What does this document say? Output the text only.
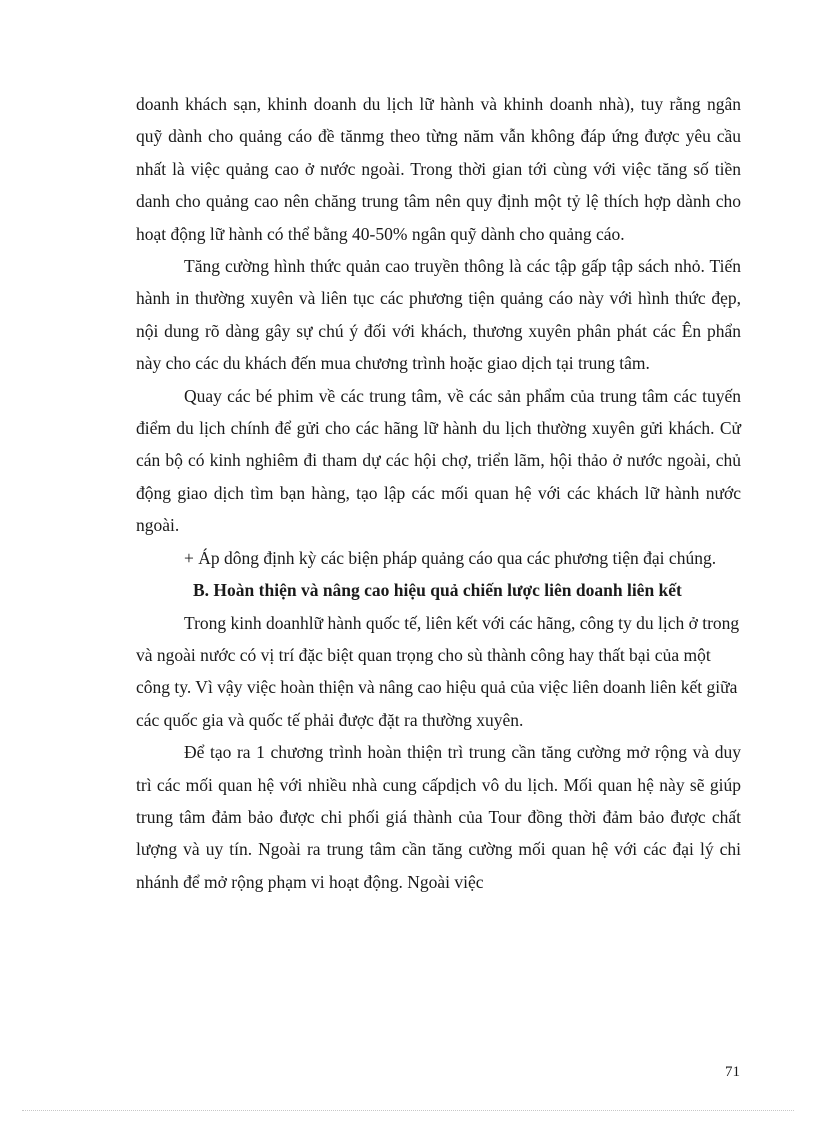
doanh khách sạn, khinh doanh du lịch lữ hành và khinh doanh nhà), tuy rằng ngân quỹ dành cho quảng cáo đề tănmg theo từng năm vẫn không đáp ứng được yêu cầu nhất là việc quảng cao ở nước ngoài. Trong thời gian tới cùng với việc tăng số tiền danh cho quảng cao nên chăng trung tâm nên quy định một tỷ lệ thích hợp dành cho hoạt động lữ hành có thể bằng 40-50% ngân quỹ dành cho quảng cáo.

Tăng cường hình thức quản cao truyền thông là các tập gấp tập sách nhỏ. Tiến hành in thường xuyên và liên tục các phương tiện quảng cáo này với hình thức đẹp, nội dung rõ dàng gây sự chú ý đối với khách, thương xuyên phân phát các Ên phẩn này cho các du khách đến mua chương trình hoặc giao dịch tại trung tâm.

Quay các bé phim về các trung tâm, về các sản phẩm của trung tâm các tuyến điểm du lịch chính để gửi cho các hãng lữ hành du lịch thường xuyên gửi khách. Cử cán bộ có kinh nghiêm đi tham dự các hội chợ, triển lãm, hội thảo ở nước ngoài, chủ động giao dịch tìm bạn hàng, tạo lập các mối quan hệ với các khách lữ hành nước ngoài.

+ Áp dông định kỳ các biện pháp quảng cáo qua các phương tiện đại chúng.

B. Hoàn thiện và nâng cao hiệu quả chiến lược liên doanh liên kết

Trong kinh doanhlữ hành quốc tế, liên kết với các hãng, công ty du lịch ở trong và ngoài nước có vị trí đặc biệt quan trọng cho sù thành công hay thất bại của một công ty. Vì vậy việc hoàn thiện và nâng cao hiệu quả của việc liên doanh liên kết giữa các quốc gia và quốc tế phải được đặt ra thường xuyên.

Để tạo ra 1 chương trình hoàn thiện trì trung cần tăng cường mở rộng và duy trì các mối quan hệ với nhiều nhà cung cấpdịch vô du lịch. Mối quan hệ này sẽ giúp trung tâm đảm bảo được chi phối giá thành của Tour đồng thời đảm bảo được chất lượng và uy tín. Ngoài ra trung tâm cần tăng cường mối quan hệ với các đại lý chi nhánh để mở rộng phạm vi hoạt động. Ngoài việc

71
